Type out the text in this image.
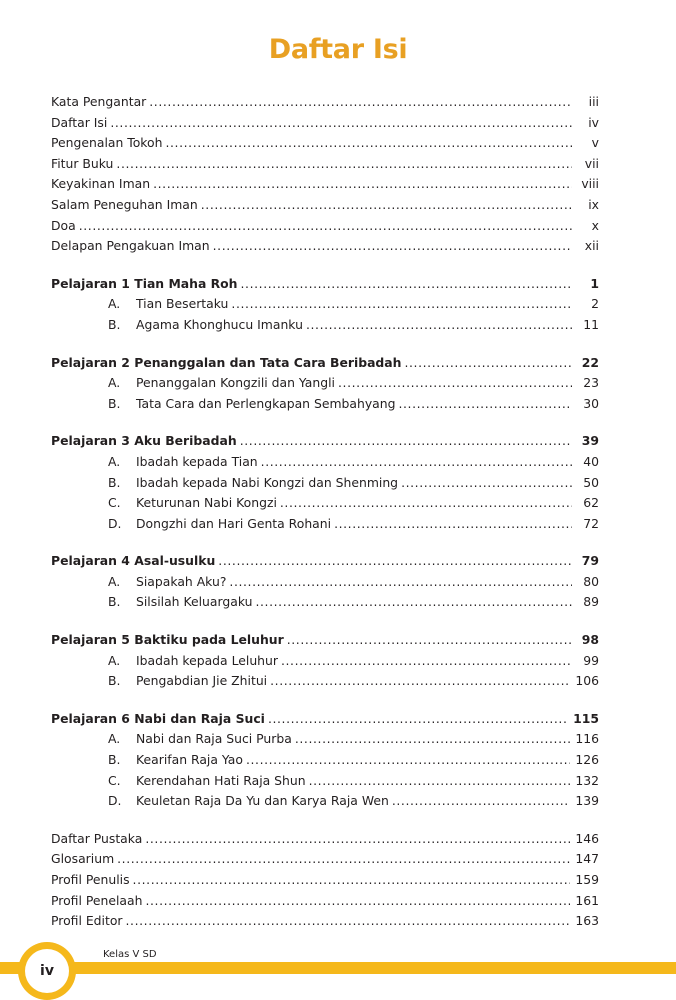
Daftar Isi
Kata Pengantar .....	iii
Daftar Isi .....	iv
Pengenalan Tokoh .....	v
Fitur Buku .....	vii
Keyakinan Iman .....	viii
Salam Peneguhan Iman .....	ix
Doa .....	x
Delapan Pengakuan Iman .....	xii
Pelajaran 1 Tian Maha Roh .....	1
A. Tian Besertaku .....	2
B. Agama Khonghucu Imanku .....	11
Pelajaran 2 Penanggalan dan Tata Cara Beribadah .....	22
A. Penanggalan Kongzili dan Yangli .....	23
B. Tata Cara dan Perlengkapan Sembahyang .....	30
Pelajaran 3 Aku Beribadah .....	39
A. Ibadah kepada Tian .....	40
B. Ibadah kepada Nabi Kongzi dan Shenming .....	50
C. Keturunan Nabi Kongzi .....	62
D. Dongzhi dan Hari Genta Rohani .....	72
Pelajaran 4 Asal-usulku .....	79
A. Siapakah Aku? .....	80
B. Silsilah Keluargaku .....	89
Pelajaran 5 Baktiku pada Leluhur .....	98
A. Ibadah kepada Leluhur .....	99
B. Pengabdian Jie Zhitui .....	106
Pelajaran 6 Nabi dan Raja Suci .....	115
A. Nabi dan Raja Suci Purba .....	116
B. Kearifan Raja Yao .....	126
C. Kerendahan Hati Raja Shun .....	132
D. Keuletan Raja Da Yu dan Karya Raja Wen .....	139
Daftar Pustaka .....	146
Glosarium .....	147
Profil Penulis .....	159
Profil Penelaah .....	161
Profil Editor .....	163
iv
Kelas V SD
